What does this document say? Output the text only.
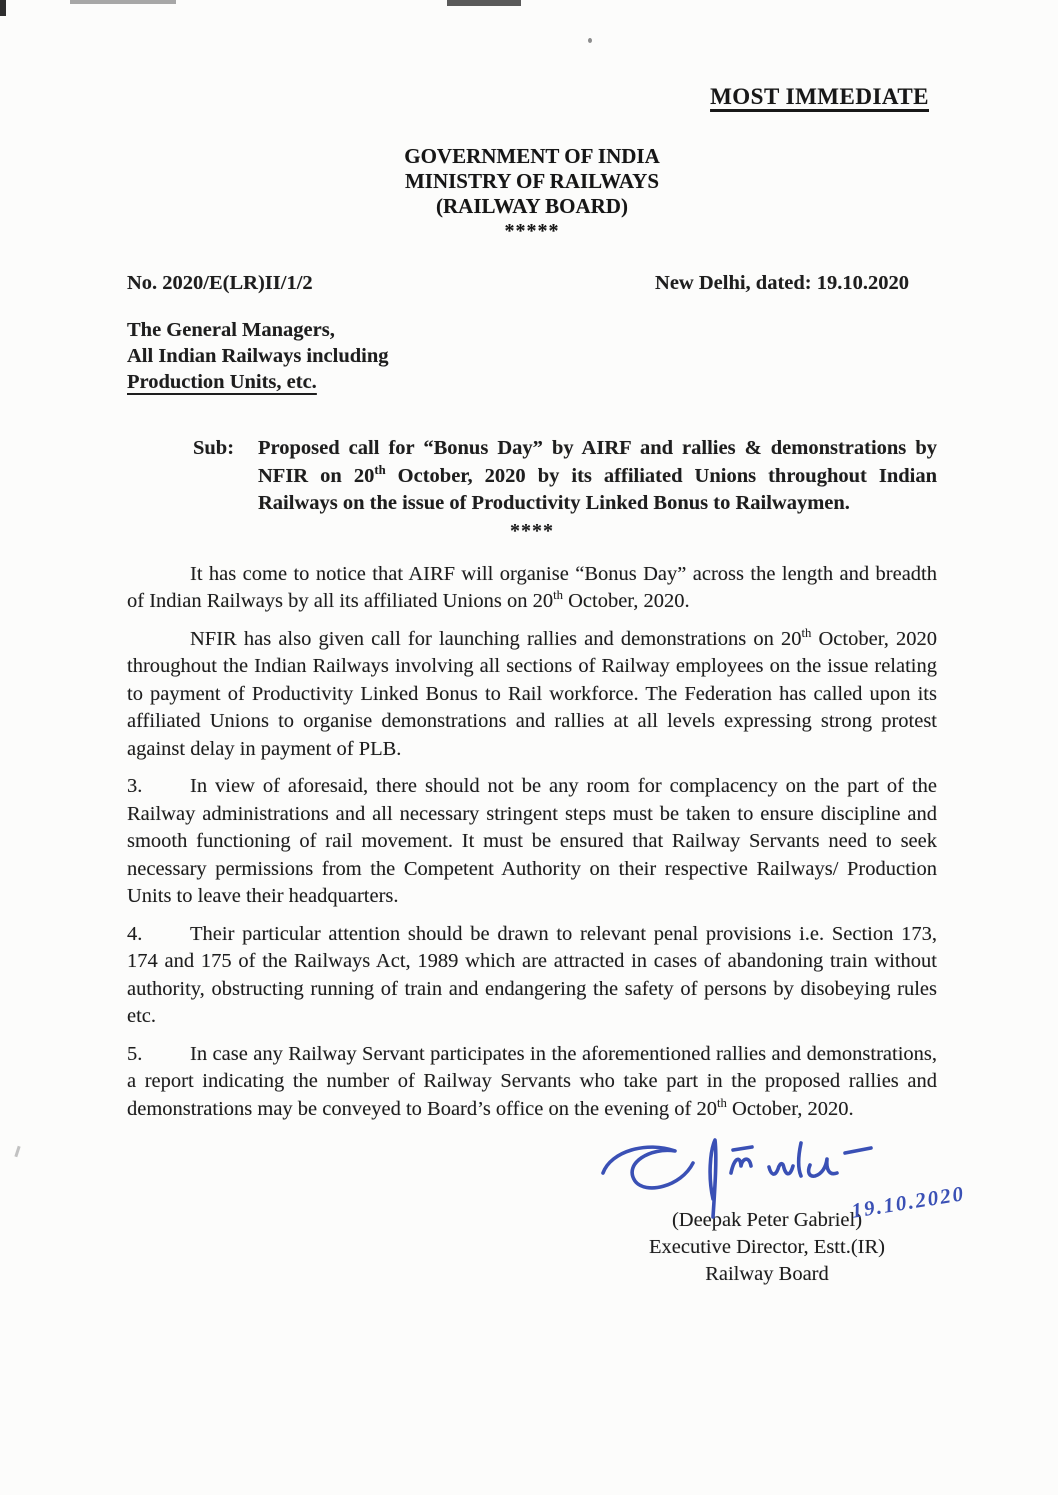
MOST IMMEDIATE
GOVERNMENT OF INDIA
MINISTRY OF RAILWAYS
(RAILWAY BOARD)
*****
No. 2020/E(LR)II/1/2	New Delhi, dated: 19.10.2020
The General Managers,
All Indian Railways including
Production Units, etc.
Sub:	Proposed call for “Bonus Day” by AIRF and rallies & demonstrations by NFIR on 20th October, 2020 by its affiliated Unions throughout Indian Railways on the issue of Productivity Linked Bonus to Railwaymen.
****

It has come to notice that AIRF will organise “Bonus Day” across the length and breadth of Indian Railways by all its affiliated Unions on 20th October, 2020.

NFIR has also given call for launching rallies and demonstrations on 20th October, 2020 throughout the Indian Railways involving all sections of Railway employees on the issue relating to payment of Productivity Linked Bonus to Rail workforce. The Federation has called upon its affiliated Unions to organise demonstrations and rallies at all levels expressing strong protest against delay in payment of PLB.

3. In view of aforesaid, there should not be any room for complacency on the part of the Railway administrations and all necessary stringent steps must be taken to ensure discipline and smooth functioning of rail movement. It must be ensured that Railway Servants need to seek necessary permissions from the Competent Authority on their respective Railways/ Production Units to leave their headquarters.

4. Their particular attention should be drawn to relevant penal provisions i.e. Section 173, 174 and 175 of the Railways Act, 1989 which are attracted in cases of abandoning train without authority, obstructing running of train and endangering the safety of persons by disobeying rules etc.

5. In case any Railway Servant participates in the aforementioned rallies and demonstrations, a report indicating the number of Railway Servants who take part in the proposed rallies and demonstrations may be conveyed to Board’s office on the evening of 20th October, 2020.

19.10.2020
(Deepak Peter Gabriel)
Executive Director, Estt.(IR)
Railway Board
